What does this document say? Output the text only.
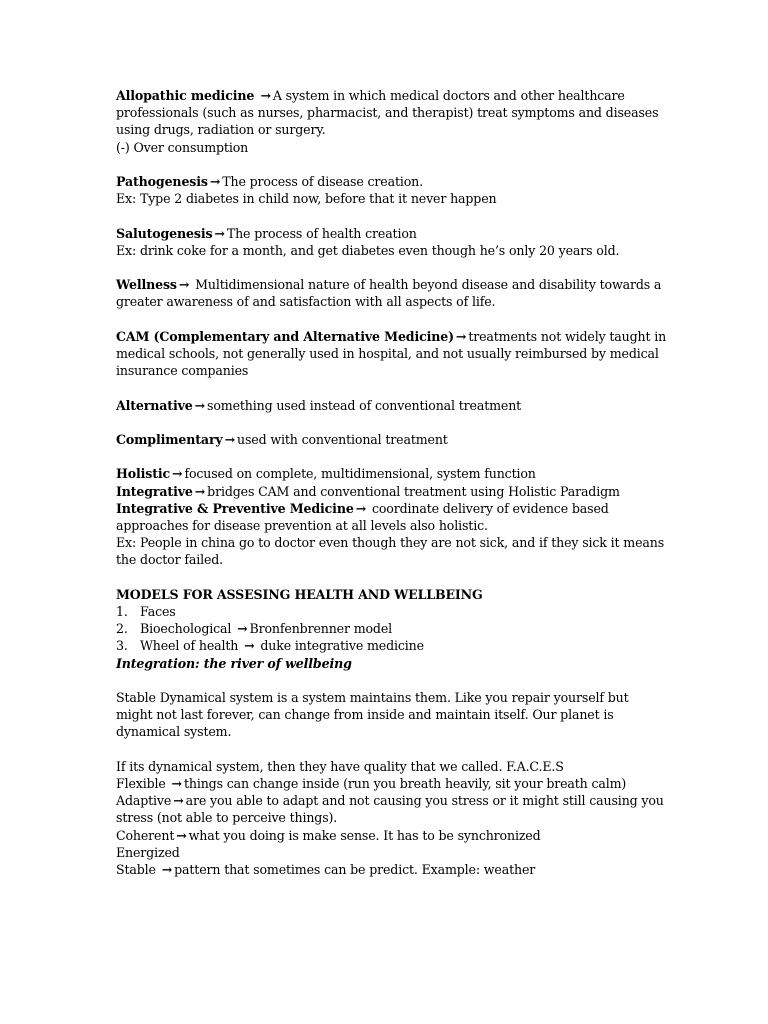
Allopathic medicine → A system in which medical doctors and other healthcare professionals (such as nurses, pharmacist, and therapist) treat symptoms and diseases using drugs, radiation or surgery.

(-) Over consumption

Pathogenesis → The process of disease creation.

Ex: Type 2 diabetes in child now, before that it never happen

Salutogenesis → The process of health creation

Ex: drink coke for a month, and get diabetes even though he’s only 20 years old.

Wellness → Multidimensional nature of health beyond disease and disability towards a greater awareness of and satisfaction with all aspects of life.

CAM (Complementary and Alternative Medicine) → treatments not widely taught in medical schools, not generally used in hospital, and not usually reimbursed by medical insurance companies

Alternative → something used instead of conventional treatment

Complimentary → used with conventional treatment

Holistic → focused on complete, multidimensional, system function

Integrative → bridges CAM and conventional treatment using Holistic Paradigm

Integrative & Preventive Medicine → coordinate delivery of evidence based approaches for disease prevention at all levels also holistic.

Ex: People in china go to doctor even though they are not sick, and if they sick it means the doctor failed.

MODELS FOR ASSESING HEALTH AND WELLBEING

1. Faces
2. Bioechological → Bronfenbrenner model
3. Wheel of health → duke integrative medicine

Integration: the river of wellbeing

Stable Dynamical system is a system maintains them. Like you repair yourself but might not last forever, can change from inside and maintain itself. Our planet is dynamical system.

If its dynamical system, then they have quality that we called. F.A.C.E.S

Flexible → things can change inside (run you breath heavily, sit your breath calm)

Adaptive → are you able to adapt and not causing you stress or it might still causing you stress (not able to perceive things).

Coherent → what you doing is make sense. It has to be synchronized

Energized

Stable → pattern that sometimes can be predict. Example: weather
